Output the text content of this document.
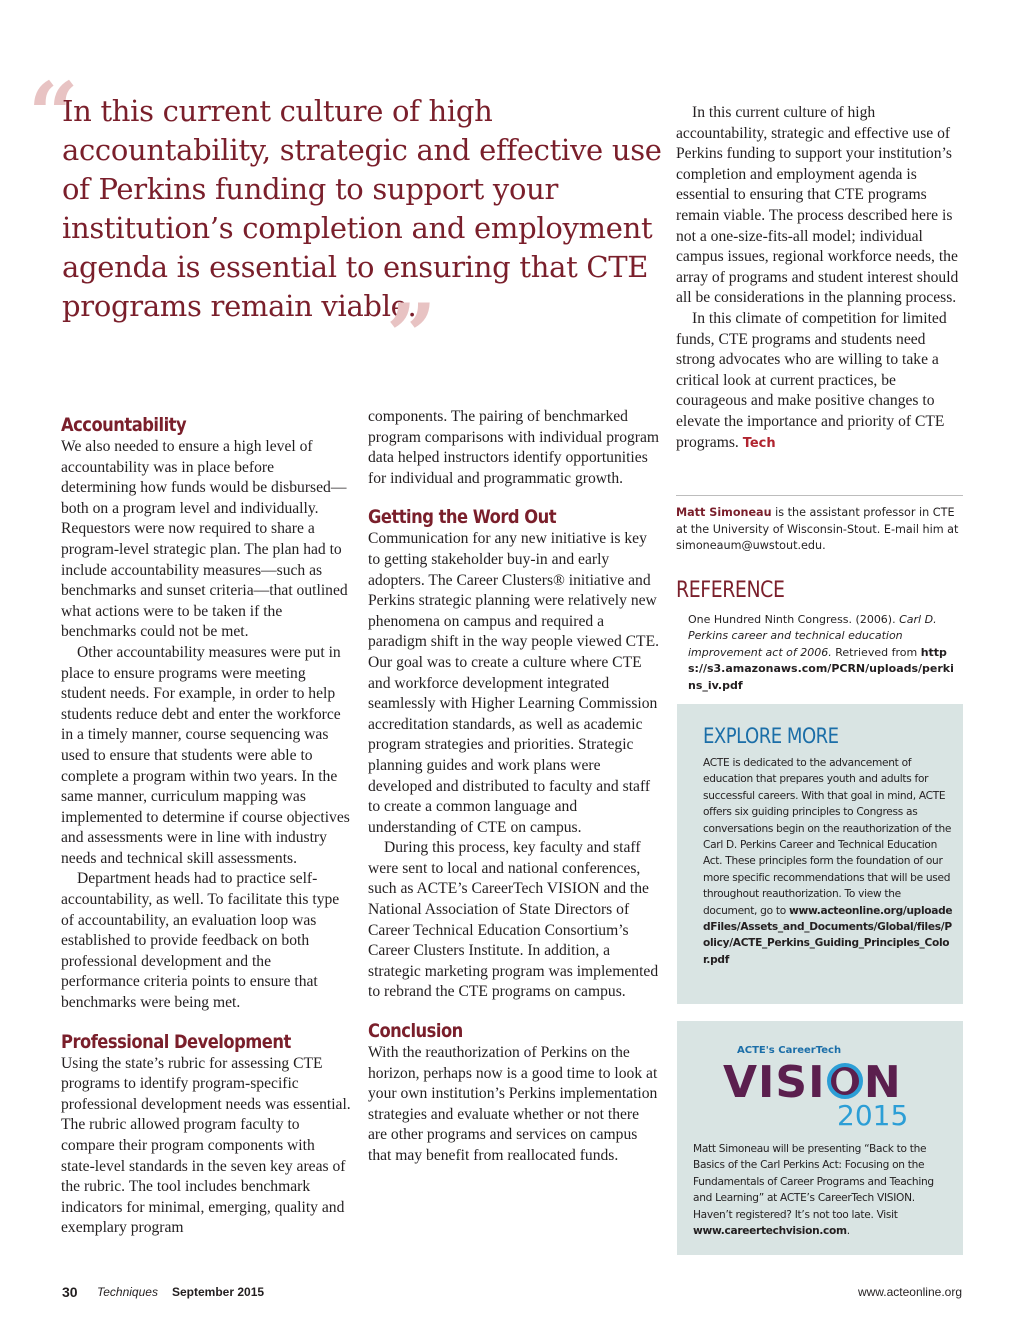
“
In this current culture of high accountability, strategic and effective use of Perkins funding to support your institution’s completion and employment agenda is essential to ensuring that CTE programs remain viable.
”
Accountability

We also needed to ensure a high level of accountability was in place before determining how funds would be disbursed—both on a program level and individually. Requestors were now required to share a program-level strategic plan. The plan had to include accountability measures—such as benchmarks and sunset criteria—that outlined what actions were to be taken if the benchmarks could not be met.

Other accountability measures were put in place to ensure programs were meeting student needs. For example, in order to help students reduce debt and enter the workforce in a timely manner, course sequencing was used to ensure that students were able to complete a program within two years. In the same manner, curriculum mapping was implemented to determine if course objectives and assessments were in line with industry needs and technical skill assessments.

Department heads had to practice self-accountability, as well. To facilitate this type of accountability, an evaluation loop was established to provide feedback on both professional development and the performance criteria points to ensure that benchmarks were being met.

Professional Development

Using the state’s rubric for assessing CTE programs to identify program-specific professional development needs was essential. The rubric allowed program faculty to compare their program components with state-level standards in the seven key areas of the rubric. The tool includes benchmark indicators for minimal, emerging, quality and exemplary program

components. The pairing of benchmarked program comparisons with individual program data helped instructors identify opportunities for individual and programmatic growth.

Getting the Word Out

Communication for any new initiative is key to getting stakeholder buy-in and early adopters. The Career Clusters® initiative and Perkins strategic planning were relatively new phenomena on campus and required a paradigm shift in the way people viewed CTE. Our goal was to create a culture where CTE and workforce development integrated seamlessly with Higher Learning Commission accreditation standards, as well as academic program strategies and priorities. Strategic planning guides and work plans were developed and distributed to faculty and staff to create a common language and understanding of CTE on campus.

During this process, key faculty and staff were sent to local and national conferences, such as ACTE’s CareerTech VISION and the National Association of State Directors of Career Technical Education Consortium’s Career Clusters Institute. In addition, a strategic marketing program was implemented to rebrand the CTE programs on campus.

Conclusion

With the reauthorization of Perkins on the horizon, perhaps now is a good time to look at your own institution’s Perkins implementation strategies and evaluate whether or not there are other programs and services on campus that may benefit from reallocated funds.

In this current culture of high accountability, strategic and effective use of Perkins funding to support your institution’s completion and employment agenda is essential to ensuring that CTE programs remain viable. The process described here is not a one-size-fits-all model; individual campus issues, regional workforce needs, the array of programs and student interest should all be considerations in the planning process.

In this climate of competition for limited funds, CTE programs and students need strong advocates who are willing to take a critical look at current practices, be courageous and make positive changes to elevate the importance and priority of CTE programs. Tech

Matt Simoneau is the assistant professor in CTE at the University of Wisconsin-Stout. E-mail him at simoneaum@uwstout.edu.
REFERENCE
One Hundred Ninth Congress. (2006). Carl D. Perkins career and technical education improvement act of 2006. Retrieved from https://s3.amazonaws.com/PCRN/uploads/perkins_iv.pdf
EXPLORE MORE
ACTE is dedicated to the advancement of education that prepares youth and adults for successful careers. With that goal in mind, ACTE offers six guiding principles to Congress as conversations begin on the reauthorization of the Carl D. Perkins Career and Technical Education Act. These principles form the foundation of our more specific recommendations that will be used throughout reauthorization. To view the document, go to www.acteonline.org/uploadedFiles/Assets_and_Documents/Global/files/Policy/ACTE_Perkins_Guiding_Principles_Color.pdf
ACTE's CareerTech
VISION
2015
Matt Simoneau will be presenting “Back to the Basics of the Carl Perkins Act: Focusing on the Fundamentals of Career Programs and Teaching and Learning” at ACTE’s CareerTech VISION. Haven’t registered? It’s not too late. Visit www.careertechvision.com.
30 Techniques September 2015	www.acteonline.org
